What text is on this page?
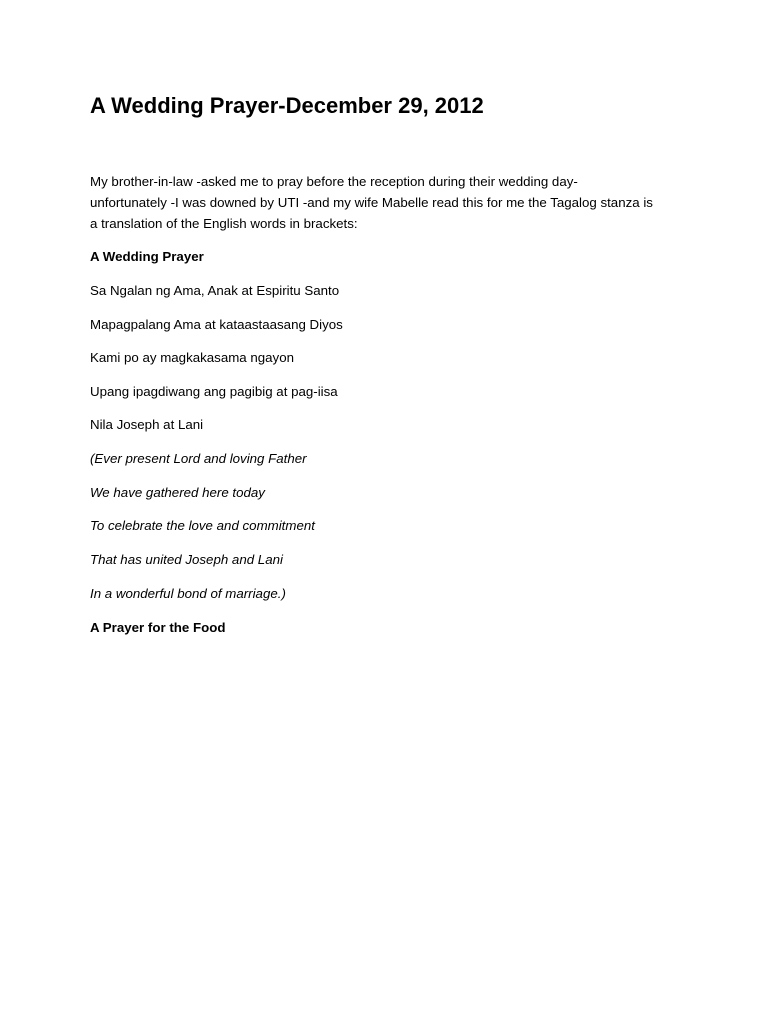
A Wedding Prayer-December 29, 2012

My brother-in-law -asked me to pray before the reception during their wedding day-
unfortunately -I was downed by UTI -and my wife Mabelle read this for me the Tagalog stanza is
a translation of the English words in brackets:

A Wedding Prayer

Sa Ngalan ng Ama, Anak at Espiritu Santo

Mapagpalang Ama at kataastaasang Diyos

Kami po ay magkakasama ngayon

Upang ipagdiwang ang pagibig at pag-iisa

Nila Joseph at Lani

(Ever present Lord and loving Father

We have gathered here today

To celebrate the love and commitment

That has united Joseph and Lani

In a wonderful bond of marriage.)

A Prayer for the Food
